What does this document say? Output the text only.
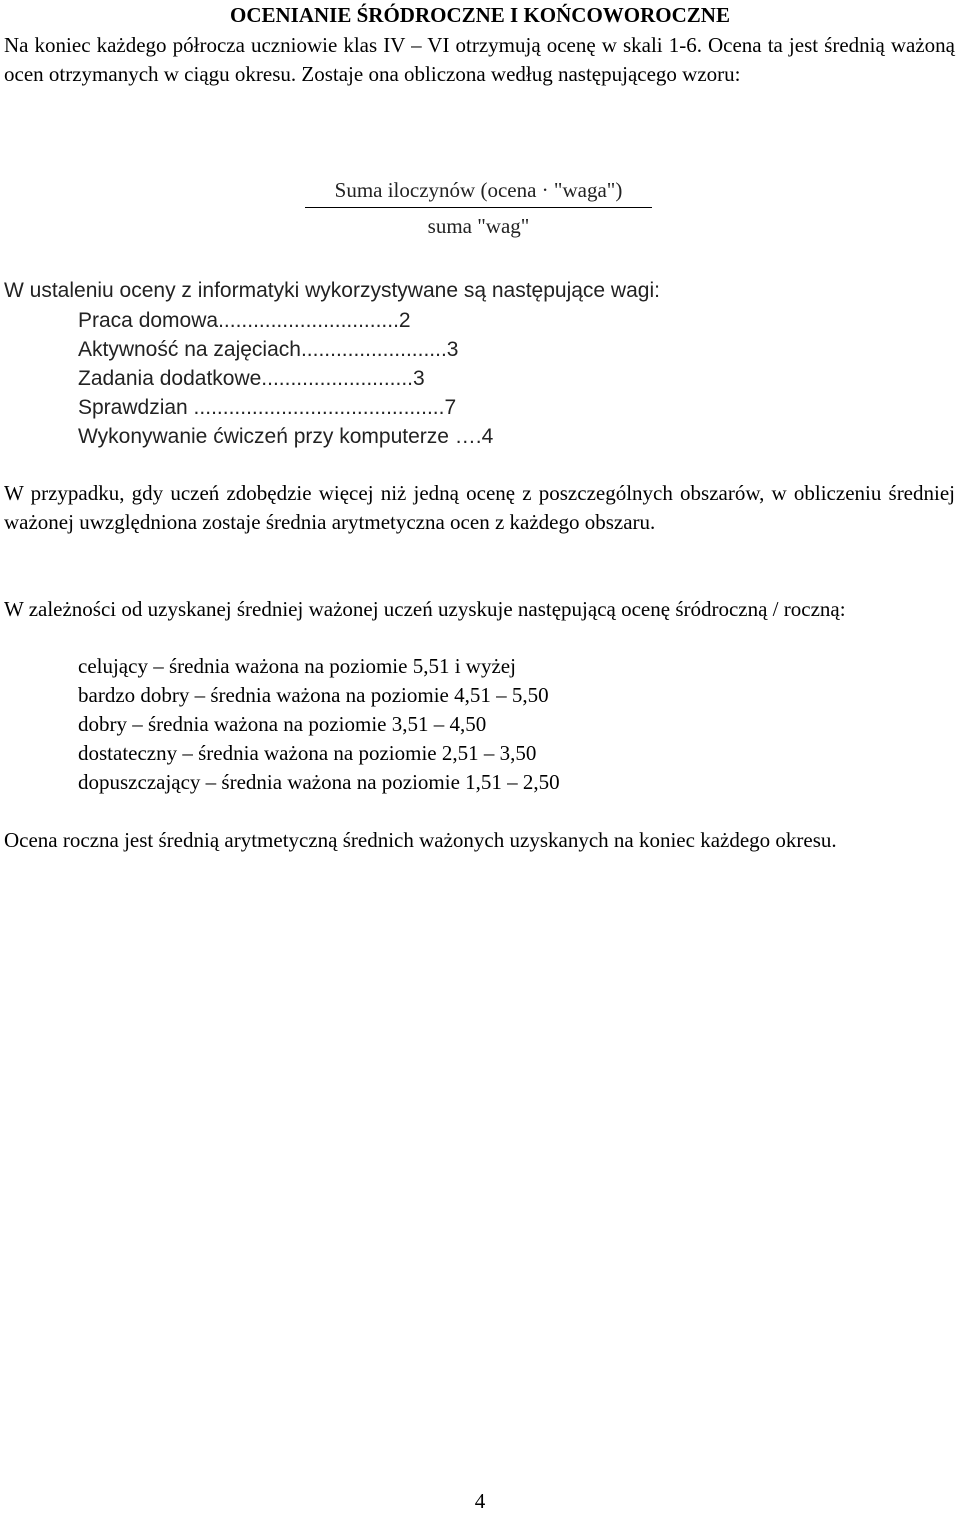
OCENIANIE ŚRÓDROCZNE I KOŃCOWOROCZNE
Na koniec każdego półrocza uczniowie klas IV – VI otrzymują ocenę w skali 1-6. Ocena ta jest średnią ważoną ocen otrzymanych w ciągu okresu. Zostaje ona obliczona według następującego wzoru:
Suma iloczynów (ocena · "waga")
suma "wag"
W ustaleniu oceny z informatyki wykorzystywane są następujące wagi:
Praca domowa...............................2
Aktywność na zajęciach.........................3
Zadania dodatkowe..........................3
Sprawdzian ...........................................7
Wykonywanie ćwiczeń przy komputerze ….4
W przypadku, gdy uczeń zdobędzie więcej niż jedną ocenę z poszczególnych obszarów, w obliczeniu średniej ważonej uwzględniona zostaje średnia arytmetyczna ocen z każdego obszaru.
W zależności od uzyskanej średniej ważonej uczeń uzyskuje następującą ocenę śródroczną / roczną:
celujący – średnia ważona na poziomie 5,51 i wyżej
bardzo dobry – średnia ważona na poziomie 4,51 – 5,50
dobry – średnia ważona na poziomie 3,51 – 4,50
dostateczny – średnia ważona na poziomie 2,51 – 3,50
dopuszczający – średnia ważona na poziomie 1,51 – 2,50
Ocena roczna jest średnią arytmetyczną średnich ważonych uzyskanych na koniec każdego okresu.
4
